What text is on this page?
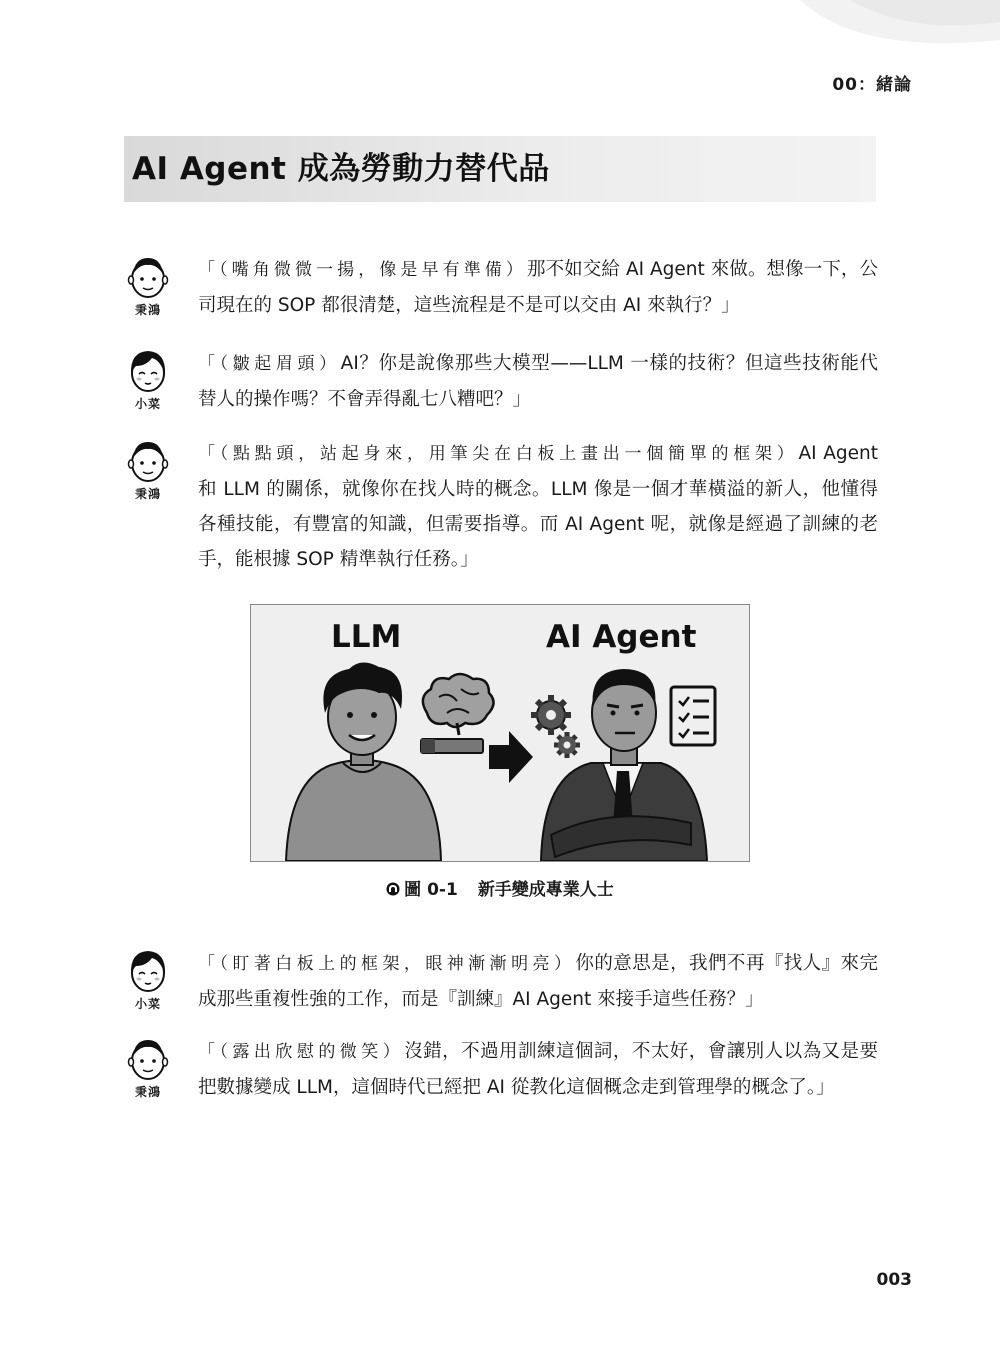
00：緒論
AI Agent 成為勞動力替代品
秉鴻

「（嘴角微微一揚，像是早有準備）那不如交給 AI Agent 來做。想像一下，公司現在的 SOP 都很清楚，這些流程是不是可以交由 AI 來執行？」

小菜

「（皺起眉頭）AI？你是說像那些大模型——LLM 一樣的技術？但這些技術能代替人的操作嗎？不會弄得亂七八糟吧？」

秉鴻

「（點點頭，站起身來，用筆尖在白板上畫出一個簡單的框架）AI Agent 和 LLM 的關係，就像你在找人時的概念。LLM 像是一個才華橫溢的新人，他懂得各種技能，有豐富的知識，但需要指導。而 AI Agent 呢，就像是經過了訓練的老手，能根據 SOP 精準執行任務。」

LLM	AI Agent
圖 0-1 新手變成專業人士
小菜

「（盯著白板上的框架，眼神漸漸明亮）你的意思是，我們不再『找人』來完成那些重複性強的工作，而是『訓練』AI Agent 來接手這些任務？」

秉鴻

「（露出欣慰的微笑）沒錯，不過用訓練這個詞，不太好，會讓別人以為又是要把數據變成 LLM，這個時代已經把 AI 從教化這個概念走到管理學的概念了。」

003
